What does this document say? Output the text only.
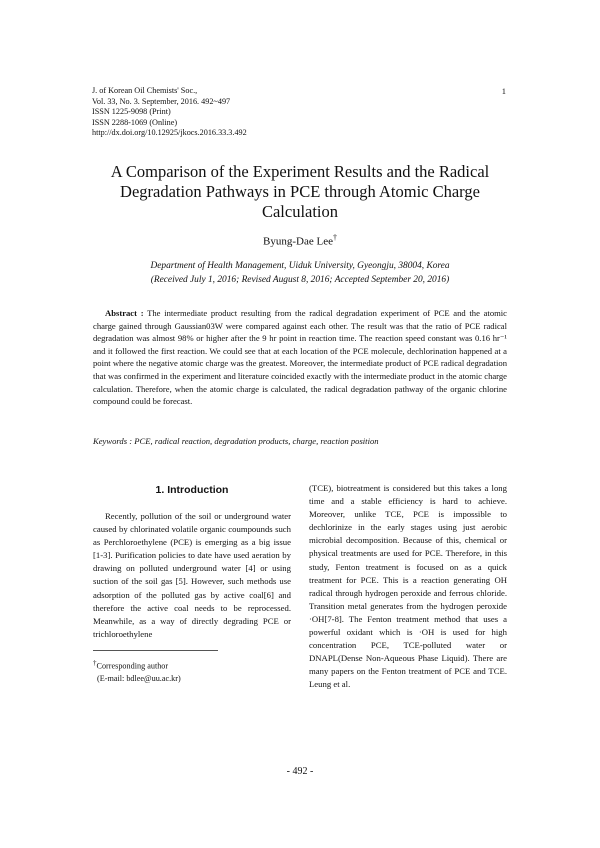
J. of Korean Oil Chemists' Soc.,
Vol. 33, No. 3. September, 2016. 492~497
ISSN 1225-9098 (Print)
ISSN 2288-1069 (Online)
http://dx.doi.org/10.12925/jkocs.2016.33.3.492
1
A Comparison of the Experiment Results and the Radical Degradation Pathways in PCE through Atomic Charge Calculation
Byung-Dae Lee†
Department of Health Management, Uiduk University, Gyeongju, 38004, Korea
(Received July 1, 2016; Revised August 8, 2016; Accepted September 20, 2016)
Abstract : The intermediate product resulting from the radical degradation experiment of PCE and the atomic charge gained through Gaussian03W were compared against each other. The result was that the ratio of PCE radical degradation was almost 98% or higher after the 9 hr point in reaction time. The reaction speed constant was 0.16 hr⁻¹ and it followed the first reaction. We could see that at each location of the PCE molecule, dechlorination happened at a point where the negative atomic charge was the greatest. Moreover, the intermediate product of PCE radical degradation that was confirmed in the experiment and literature coincided exactly with the intermediate product in the atomic charge calculation. Therefore, when the atomic charge is calculated, the radical degradation pathway of the organic chlorine compound could be forecast.
Keywords : PCE, radical reaction, degradation products, charge, reaction position
1. Introduction
Recently, pollution of the soil or underground water caused by chlorinated volatile organic coumpounds such as Perchloroethylene (PCE) is emerging as a big issue [1-3]. Purification policies to date have used aeration by drawing on polluted underground water [4] or using suction of the soil gas [5]. However, such methods use adsorption of the polluted gas by active coal[6] and therefore the active coal needs to be reprocessed. Meanwhile, as a way of directly degrading PCE or trichloroethylene
(TCE), biotreatment is considered but this takes a long time and a stable efficiency is hard to achieve. Moreover, unlike TCE, PCE is impossible to dechlorinize in the early stages using just aerobic microbial decomposition. Because of this, chemical or physical treatments are used for PCE. Therefore, in this study, Fenton treatment is focused on as a quick treatment for PCE. This is a reaction generating OH radical through hydrogen peroxide and ferrous chloride. Transition metal generates from the hydrogen peroxide ·OH[7-8]. The Fenton treatment method that uses a powerful oxidant which is ·OH is used for high concentration PCE, TCE-polluted water or DNAPL(Dense Non-Aqueous Phase Liquid). There are many papers on the Fenton treatment of PCE and TCE. Leung et al.
†Corresponding author
(E-mail: bdlee@uu.ac.kr)
- 492 -
